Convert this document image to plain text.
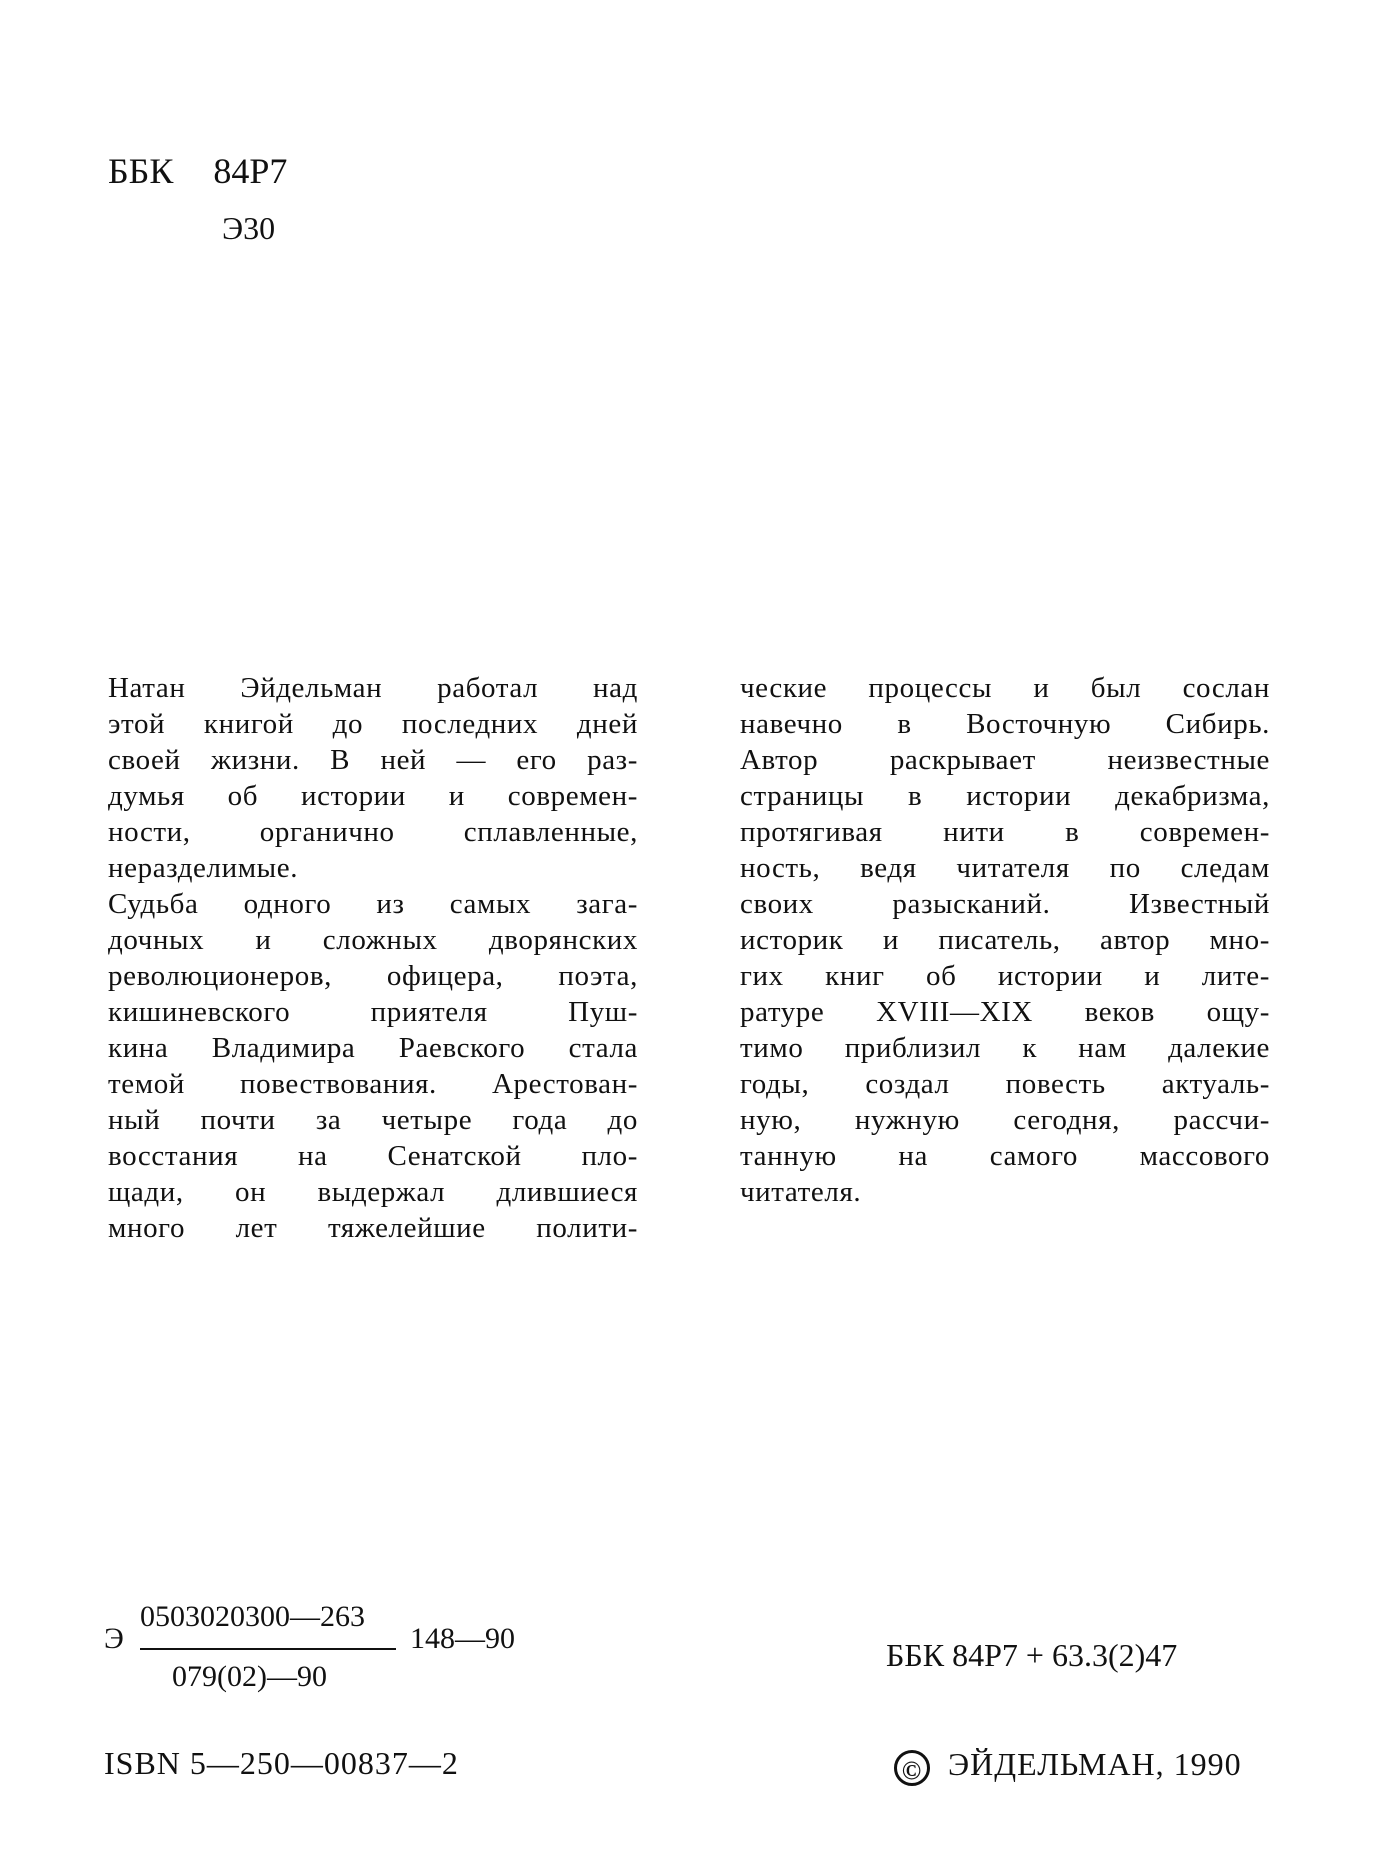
ББК 84Р7
Э30
Натан Эйдельман работал над
этой книгой до последних дней
своей жизни. В ней — его раз-
думья об истории и современ-
ности, органично сплавленные,
неразделимые.
Судьба одного из самых зага-
дочных и сложных дворянских
революционеров, офицера, поэта,
кишиневского приятеля Пуш-
кина Владимира Раевского стала
темой повествования. Арестован-
ный почти за четыре года до
восстания на Сенатской пло-
щади, он выдержал длившиеся
много лет тяжелейшие полити-
ческие процессы и был сослан
навечно в Восточную Сибирь.
Автор раскрывает неизвестные
страницы в истории декабризма,
протягивая нити в современ-
ность, ведя читателя по следам
своих разысканий. Известный
историк и писатель, автор мно-
гих книг об истории и лите-
ратуре XVIII—XIX веков ощу-
тимо приблизил к нам далекие
годы, создал повесть актуаль-
ную, нужную сегодня, рассчи-
танную на самого массового
читателя.
Э
0503020300—263
079(02)—90
148—90
ISBN 5—250—00837—2
ББК 84Р7 + 63.3(2)47
© ЭЙДЕЛЬМАН, 1990
